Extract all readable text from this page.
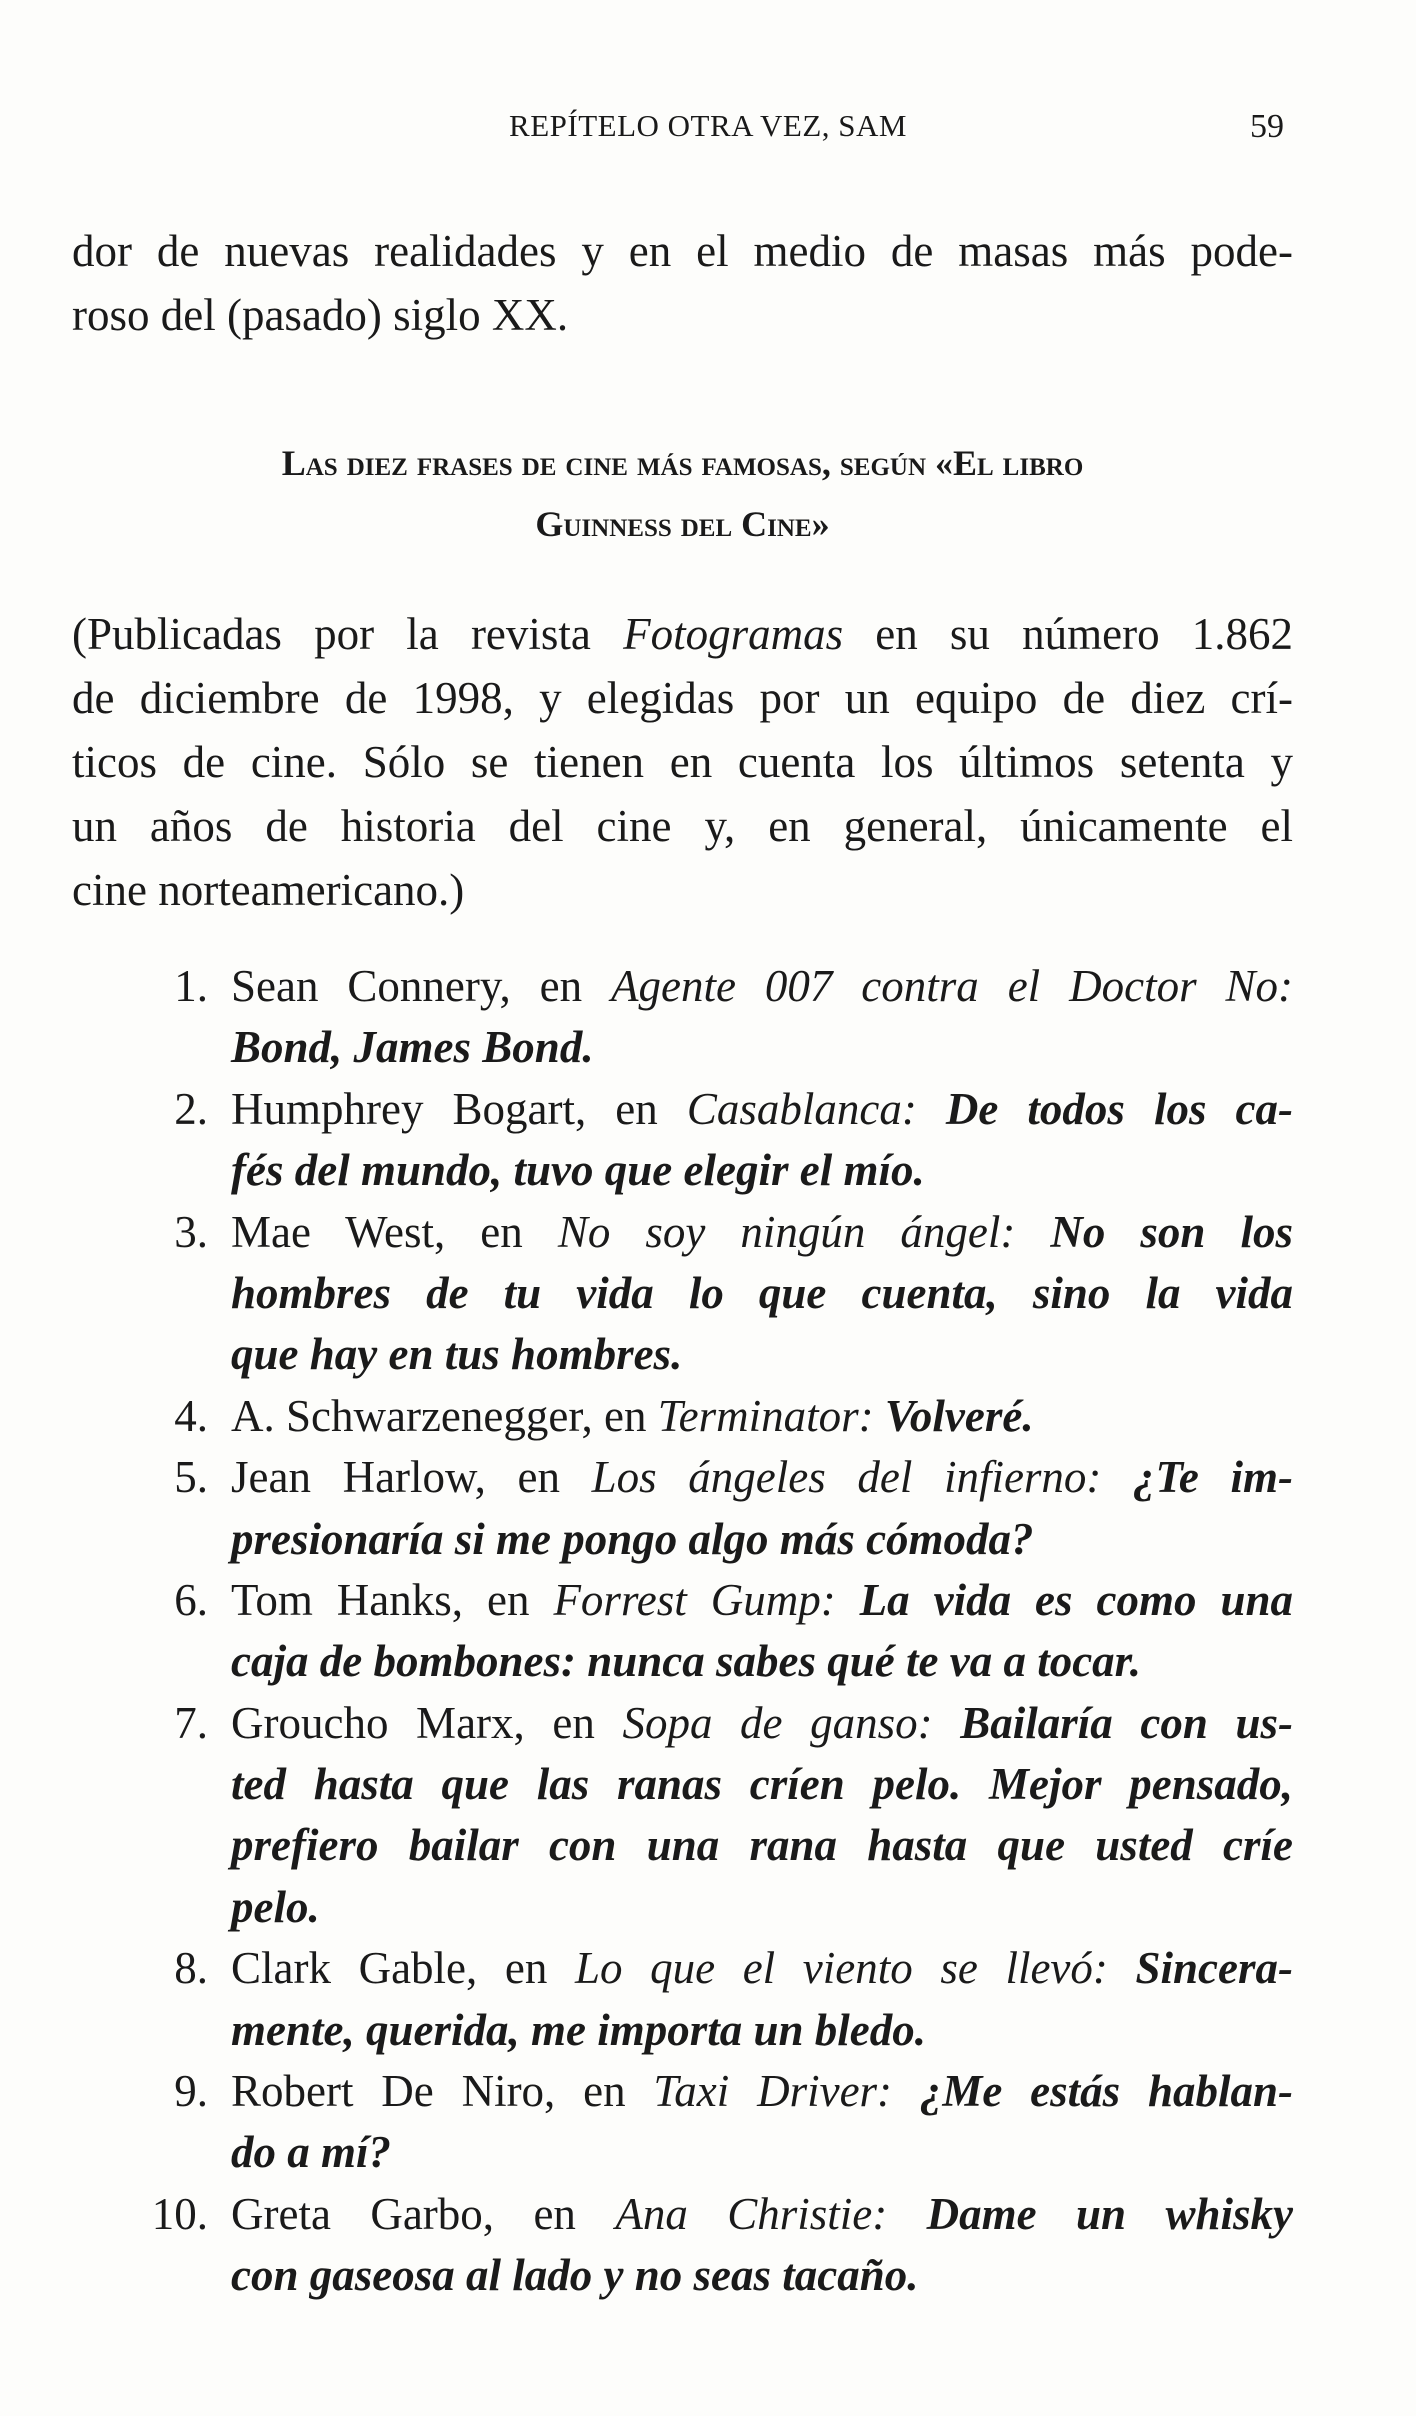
REPÍTELO OTRA VEZ, SAM	59
dor de nuevas realidades y en el medio de masas más pode-
roso del (pasado) siglo XX.
Las diez frases de cine más famosas, según «El libro
Guinness del Cine»
(Publicadas por la revista Fotogramas en su número 1.862
de diciembre de 1998, y elegidas por un equipo de diez crí-
ticos de cine. Sólo se tienen en cuenta los últimos setenta y
un años de historia del cine y, en general, únicamente el
cine norteamericano.)
1. Sean Connery, en Agente 007 contra el Doctor No:
Bond, James Bond.
2. Humphrey Bogart, en Casablanca: De todos los ca-
fés del mundo, tuvo que elegir el mío.
3. Mae West, en No soy ningún ángel: No son los
hombres de tu vida lo que cuenta, sino la vida
que hay en tus hombres.
4. A. Schwarzenegger, en Terminator: Volveré.
5. Jean Harlow, en Los ángeles del infierno: ¿Te im-
presionaría si me pongo algo más cómoda?
6. Tom Hanks, en Forrest Gump: La vida es como una
caja de bombones: nunca sabes qué te va a tocar.
7. Groucho Marx, en Sopa de ganso: Bailaría con us-
ted hasta que las ranas críen pelo. Mejor pensado,
prefiero bailar con una rana hasta que usted críe
pelo.
8. Clark Gable, en Lo que el viento se llevó: Sincera-
mente, querida, me importa un bledo.
9. Robert De Niro, en Taxi Driver: ¿Me estás hablan-
do a mí?
10. Greta Garbo, en Ana Christie: Dame un whisky
con gaseosa al lado y no seas tacaño.
